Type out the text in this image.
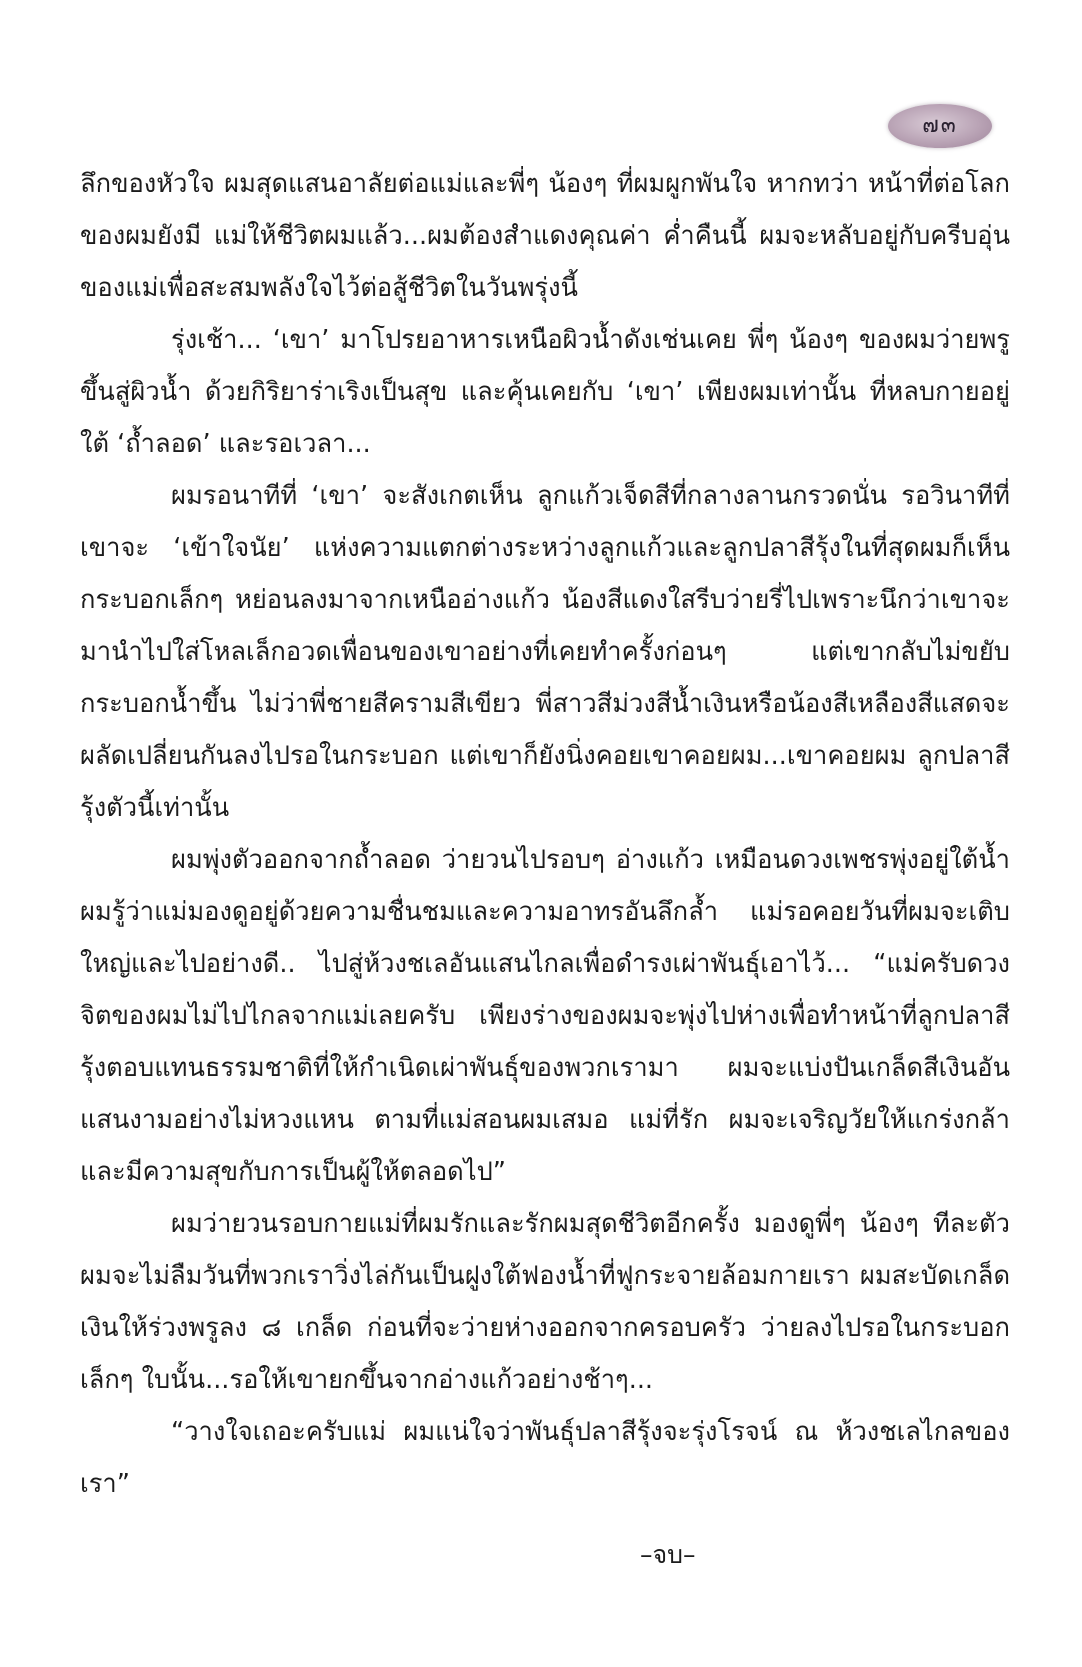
๗๓

ลึกของหัวใจ ผมสุดแสนอาลัยต่อแม่และพี่ๆ น้องๆ ที่ผมผูกพันใจ หากทว่า หน้าที่ต่อโลกของผมยังมี แม่ให้ชีวิตผมแล้ว...ผมต้องสำแดงคุณค่า ค่ำคืนนี้ ผมจะหลับอยู่กับครีบอุ่นของแม่เพื่อสะสมพลังใจไว้ต่อสู้ชีวิตในวันพรุ่งนี้

รุ่งเช้า... ‘เขา’ มาโปรยอาหารเหนือผิวน้ำดังเช่นเคย พี่ๆ น้องๆ ของผมว่ายพรูขึ้นสู่ผิวน้ำ ด้วยกิริยาร่าเริงเป็นสุข และคุ้นเคยกับ ‘เขา’ เพียงผมเท่านั้น ที่หลบกายอยู่ใต้ ‘ถ้ำลอด’ และรอเวลา...

ผมรอนาทีที่ ‘เขา’ จะสังเกตเห็น ลูกแก้วเจ็ดสีที่กลางลานกรวดนั่น รอวินาทีที่เขาจะ ‘เข้าใจนัย’ แห่งความแตกต่างระหว่างลูกแก้วและลูกปลาสีรุ้งในที่สุดผมก็เห็นกระบอกเล็กๆ หย่อนลงมาจากเหนืออ่างแก้ว น้องสีแดงใสรีบว่ายรี่ไปเพราะนึกว่าเขาจะมานำไปใส่โหลเล็กอวดเพื่อนของเขาอย่างที่เคยทำครั้งก่อนๆ แต่เขากลับไม่ขยับกระบอกน้ำขึ้น ไม่ว่าพี่ชายสีครามสีเขียว พี่สาวสีม่วงสีน้ำเงินหรือน้องสีเหลืองสีแสดจะผลัดเปลี่ยนกันลงไปรอในกระบอก แต่เขาก็ยังนิ่งคอยเขาคอยผม...เขาคอยผม ลูกปลาสีรุ้งตัวนี้เท่านั้น

ผมพุ่งตัวออกจากถ้ำลอด ว่ายวนไปรอบๆ อ่างแก้ว เหมือนดวงเพชรพุ่งอยู่ใต้น้ำ ผมรู้ว่าแม่มองดูอยู่ด้วยความชื่นชมและความอาทรอันลึกล้ำ แม่รอคอยวันที่ผมจะเติบใหญ่และไปอย่างดี.. ไปสู่ห้วงชเลอันแสนไกลเพื่อดำรงเผ่าพันธุ์เอาไว้... “แม่ครับดวงจิตของผมไม่ไปไกลจากแม่เลยครับ เพียงร่างของผมจะพุ่งไปห่างเพื่อทำหน้าที่ลูกปลาสีรุ้งตอบแทนธรรมชาติที่ให้กำเนิดเผ่าพันธุ์ของพวกเรามา ผมจะแบ่งปันเกล็ดสีเงินอันแสนงามอย่างไม่หวงแหน ตามที่แม่สอนผมเสมอ แม่ที่รัก ผมจะเจริญวัยให้แกร่งกล้าและมีความสุขกับการเป็นผู้ให้ตลอดไป”

ผมว่ายวนรอบกายแม่ที่ผมรักและรักผมสุดชีวิตอีกครั้ง มองดูพี่ๆ น้องๆ ทีละตัว ผมจะไม่ลืมวันที่พวกเราวิ่งไล่กันเป็นฝูงใต้ฟองน้ำที่ฟูกระจายล้อมกายเรา ผมสะบัดเกล็ดเงินให้ร่วงพรูลง ๘ เกล็ด ก่อนที่จะว่ายห่างออกจากครอบครัว ว่ายลงไปรอในกระบอกเล็กๆ ใบนั้น...รอให้เขายกขึ้นจากอ่างแก้วอย่างช้าๆ...

“วางใจเถอะครับแม่ ผมแน่ใจว่าพันธุ์ปลาสีรุ้งจะรุ่งโรจน์ ณ ห้วงชเลไกลของเรา”

–จบ–
